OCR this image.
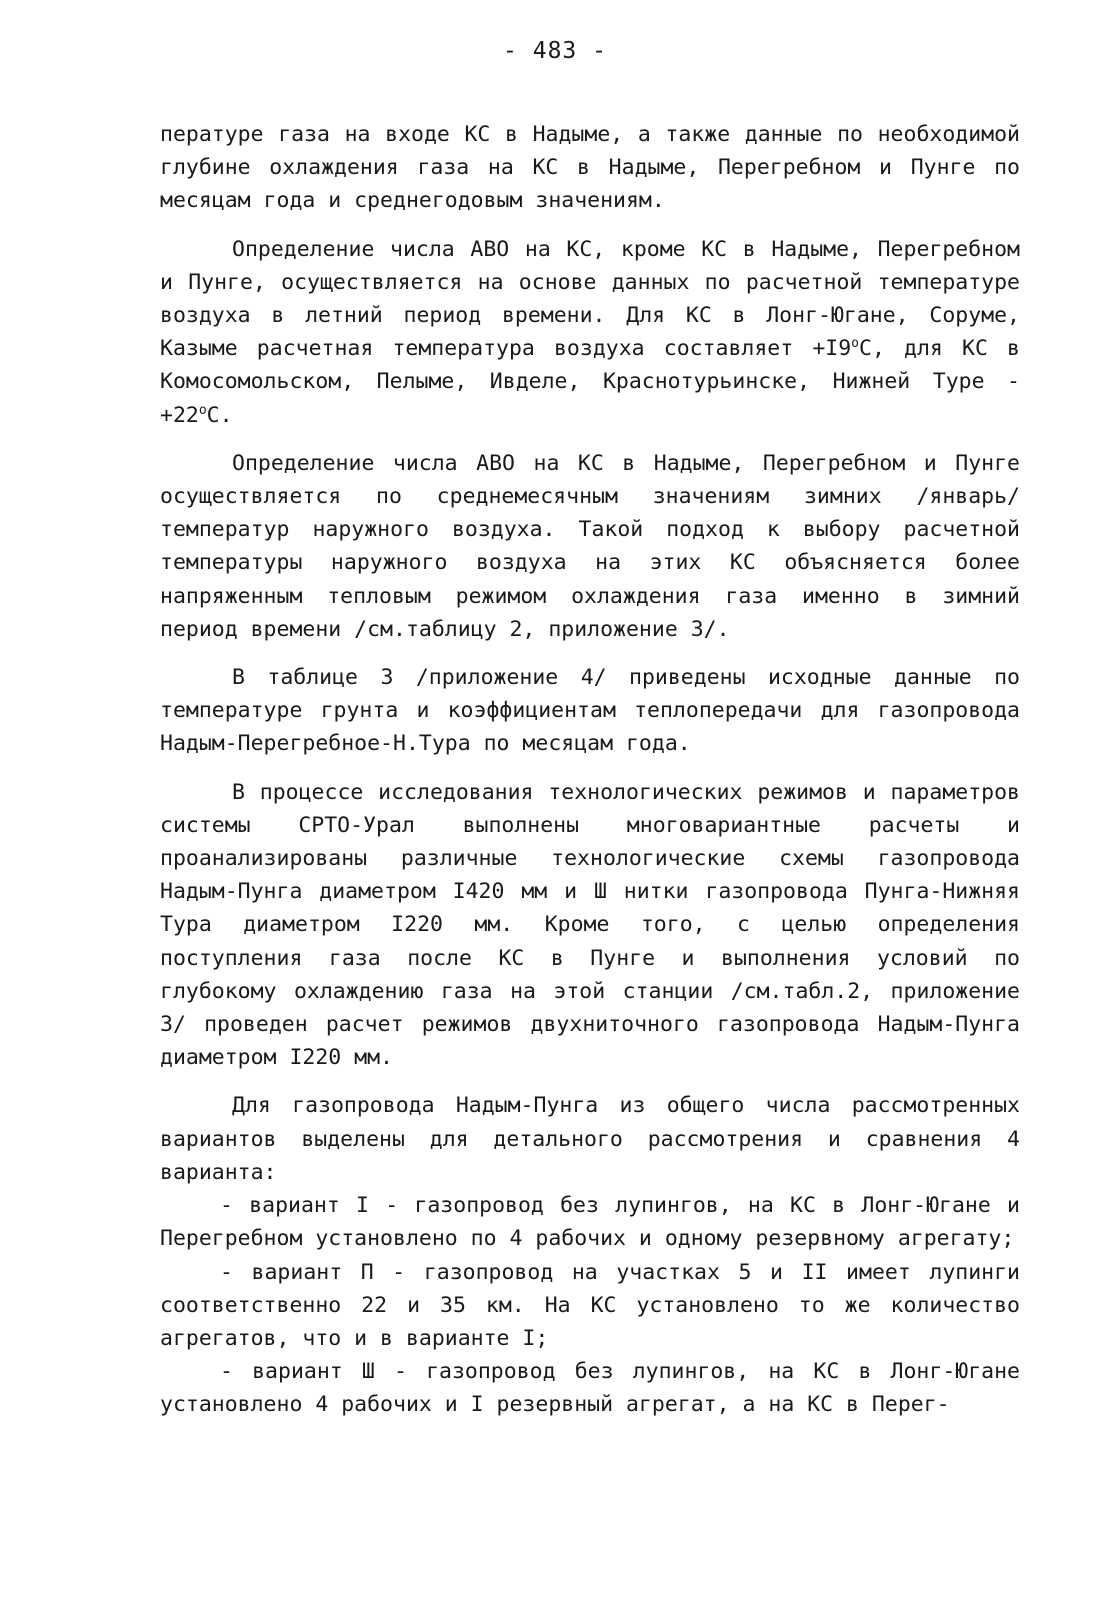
- 483 -

пературе газа на входе КС в Надыме, а также данные по необходимой глубине охлаждения газа на КС в Надыме, Перегребном и Пунге по месяцам года и среднегодовым значениям.

Определение числа АВО на КС, кроме КС в Надыме, Перегребном и Пунге, осуществляется на основе данных по расчетной температуре воздуха в летний период времени. Для КС в Лонг-Югане, Соруме, Казыме расчетная температура воздуха составляет $+I9^оС$, для КС в Комосомольском, Пелыме, Ивделе, Краснотурьинске, Нижней Туре - $+22^оС$.

Определение числа АВО на КС в Надыме, Перегребном и Пунге осуществляется по среднемесячным значениям зимних /январь/ температур наружного воздуха. Такой подход к выбору расчетной температуры наружного воздуха на этих КС объясняется более напряженным тепловым режимом охлаждения газа именно в зимний период времени /см.таблицу 2, приложение 3/.

В таблице 3 /приложение 4/ приведены исходные данные по температуре грунта и коэффициентам теплопередачи для газопровода Надым-Перегребное-Н.Тура по месяцам года.

В процессе исследования технологических режимов и параметров системы СРТО-Урал выполнены многовариантные расчеты и проанализированы различные технологические схемы газопровода Надым-Пунга диаметром I420 мм и Ш нитки газопровода Пунга-Нижняя Тура диаметром I220 мм. Кроме того, с целью определения поступления газа после КС в Пунге и выполнения условий по глубокому охлаждению газа на этой станции /см.табл.2, приложение 3/ проведен расчет режимов двухниточного газопровода Надым-Пунга диаметром I220 мм.

Для газопровода Надым-Пунга из общего числа рассмотренных вариантов выделены для детального рассмотрения и сравнения 4 варианта:

- вариант I - газопровод без лупингов, на КС в Лонг-Югане и Перегребном установлено по 4 рабочих и одному резервному агрегату;

- вариант П - газопровод на участках 5 и II имеет лупинги соответственно 22 и 35 км. На КС установлено то же количество агрегатов, что и в варианте I;

- вариант Ш - газопровод без лупингов, на КС в Лонг-Югане установлено 4 рабочих и I резервный агрегат, а на КС в Перег-
